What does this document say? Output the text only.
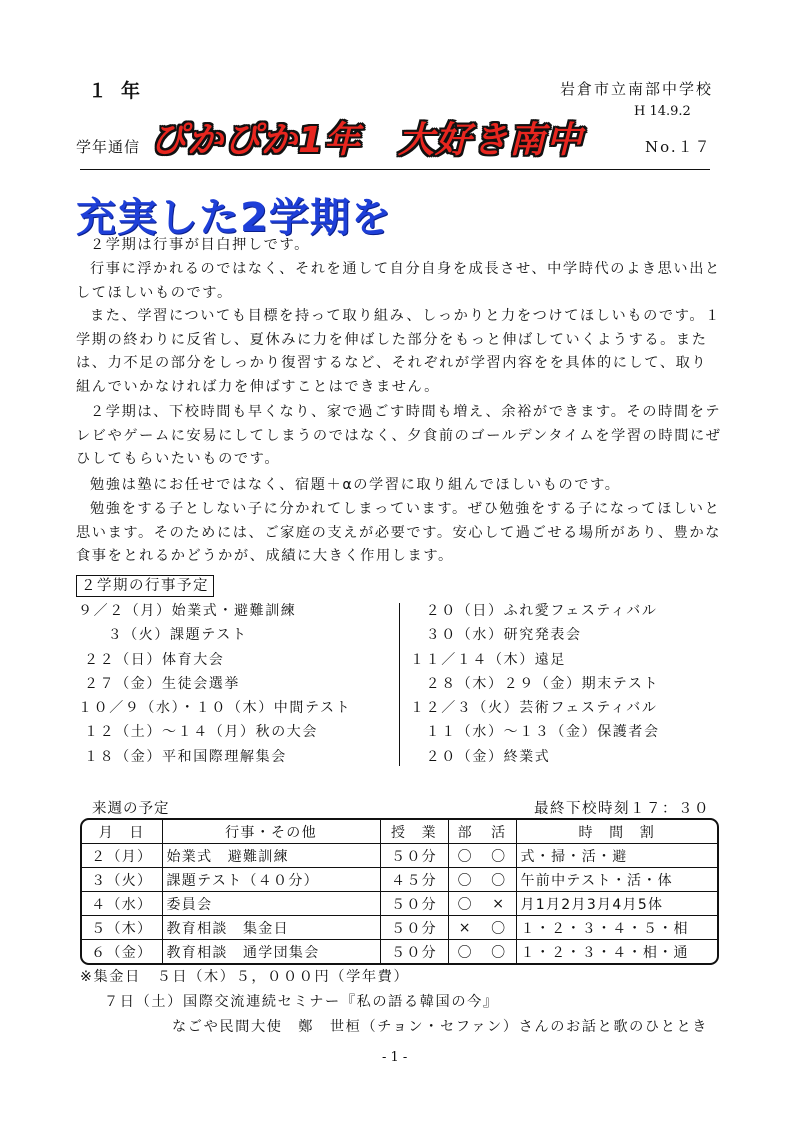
１年	岩倉市立南部中学校
H 14.9.2
学年通信 ぴかぴか1年　大好き南中	No.１７
充実した2学期を

２学期は行事が目白押しです。

行事に浮かれるのではなく、それを通して自分自身を成長させ、中学時代のよき思い出としてほしいものです。

また、学習についても目標を持って取り組み、しっかりと力をつけてほしいものです。１学期の終わりに反省し、夏休みに力を伸ばした部分をもっと伸ばしていくようする。または、力不足の部分をしっかり復習するなど、それぞれが学習内容をを具体的にして、取り組んでいかなければ力を伸ばすことはできません。

２学期は、下校時間も早くなり、家で過ごす時間も増え、余裕ができます。その時間をテレビやゲームに安易にしてしまうのではなく、夕食前のゴールデンタイムを学習の時間にぜひしてもらいたいものです。

勉強は塾にお任せではなく、宿題＋αの学習に取り組んでほしいものです。

勉強をする子としない子に分かれてしまっています。ぜひ勉強をする子になってほしいと思います。そのためには、ご家庭の支えが必要です。安心して過ごせる場所があり、豊かな食事をとれるかどうかが、成績に大きく作用します。

２学期の行事予定
９／２（月）始業式・避難訓練
　３（火）課題テスト
２２（日）体育大会
２７（金）生徒会選挙
１０／９（水）・１０（木）中間テスト
１２（土）～１４（月）秋の大会
１８（金）平和国際理解集会
　２０（日）ふれ愛フェスティバル
　３０（水）研究発表会
１１／１４（木）遠足
　２８（木）２９（金）期末テスト
１２／３（火）芸術フェスティバル
　１１（水）～１３（金）保護者会
　２０（金）終業式
来週の予定	最終下校時刻１７：３０
月　日	行事・その他	授　業	部	活	時　間　割
２（月）	始業式　避難訓練	５０分	〇	〇	式・掃・活・避
３（火）	課題テスト（４０分）	４５分	〇	〇	午前中テスト・活・体
４（水）	委員会	５０分	〇	×	月1月2月3月4月5体
５（木）	教育相談　集金日	５０分	×	〇	１・２・３・４・５・相
６（金）	教育相談　通学団集会	５０分	〇	〇	１・２・３・４・相・通
※集金日　５日（木）５，０００円（学年費）
７日（土）国際交流連続セミナー『私の語る韓国の今』
なごや民間大使　鄭　世桓（チョン・セファン）さんのお話と歌のひととき
- 1 -
